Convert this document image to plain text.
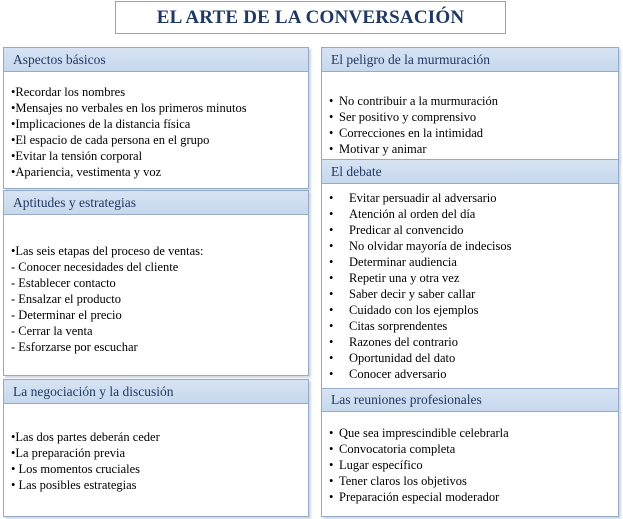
EL ARTE DE LA CONVERSACIÓN
Aspectos básicos
•Recordar los nombres
•Mensajes no verbales en los primeros minutos
•Implicaciones de la distancia física
•El espacio de cada persona en el grupo
•Evitar la tensión corporal
•Apariencia, vestimenta y voz
Aptitudes y estrategias
•Las seis etapas del proceso de ventas:
- Conocer necesidades del cliente
- Establecer contacto
- Ensalzar el producto
- Determinar el precio
- Cerrar la venta
- Esforzarse por escuchar
La negociación y la discusión
•Las dos partes deberán ceder
•La preparación previa
• Los momentos cruciales
• Las posibles estrategias
El peligro de la murmuración
• No contribuir a la murmuración
• Ser positivo y comprensivo
• Correcciones en la intimidad
• Motivar y animar
El debate
• Evitar persuadir al adversario
• Atención al orden del día
• Predicar al convencido
• No olvidar mayoría de indecisos
• Determinar audiencia
• Repetir una y otra vez
• Saber decir y saber callar
• Cuidado con los ejemplos
• Citas sorprendentes
• Razones del contrario
• Oportunidad del dato
• Conocer adversario
Las reuniones profesionales
• Que sea imprescindible celebrarla
• Convocatoria completa
• Lugar específico
• Tener claros los objetivos
• Preparación especial moderador
